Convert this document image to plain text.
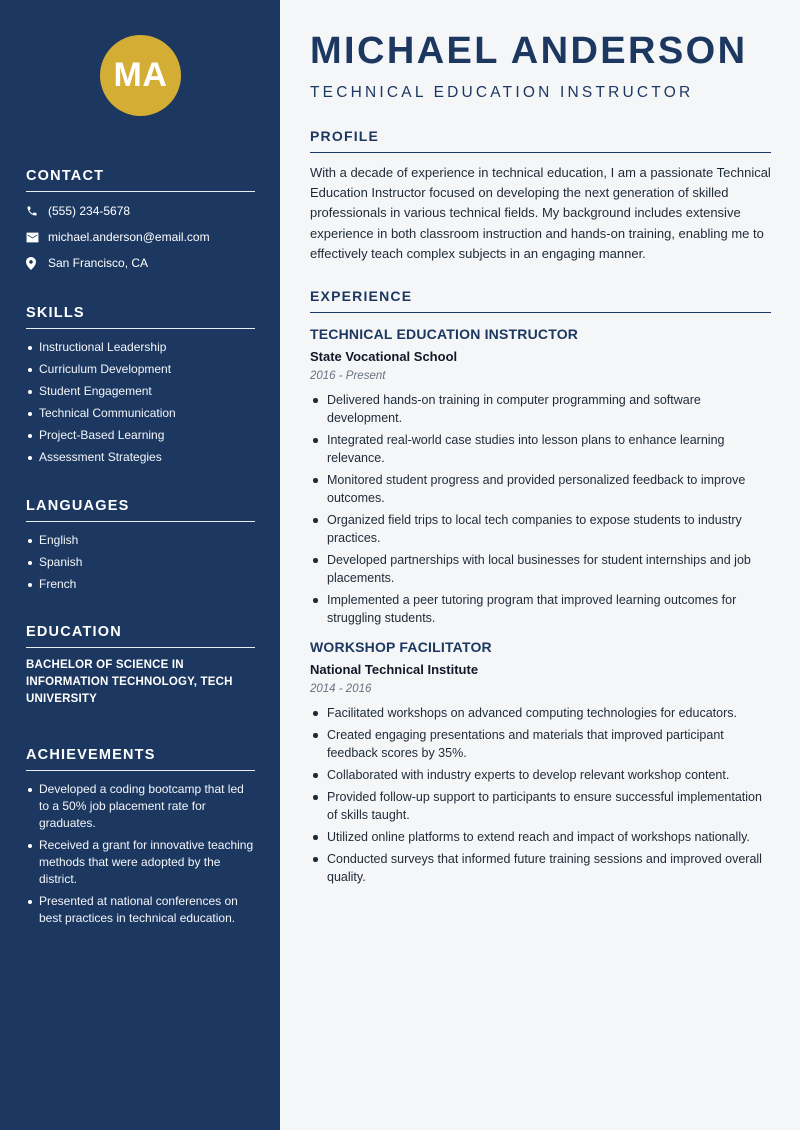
MA
CONTACT
(555) 234-5678
michael.anderson@email.com
San Francisco, CA
SKILLS
Instructional Leadership
Curriculum Development
Student Engagement
Technical Communication
Project-Based Learning
Assessment Strategies
LANGUAGES
English
Spanish
French
EDUCATION
BACHELOR OF SCIENCE IN INFORMATION TECHNOLOGY, TECH UNIVERSITY
ACHIEVEMENTS
Developed a coding bootcamp that led to a 50% job placement rate for graduates.
Received a grant for innovative teaching methods that were adopted by the district.
Presented at national conferences on best practices in technical education.
MICHAEL ANDERSON
TECHNICAL EDUCATION INSTRUCTOR
PROFILE

With a decade of experience in technical education, I am a passionate Technical Education Instructor focused on developing the next generation of skilled professionals in various technical fields. My background includes extensive experience in both classroom instruction and hands-on training, enabling me to effectively teach complex subjects in an engaging manner.

EXPERIENCE
TECHNICAL EDUCATION INSTRUCTOR
State Vocational School
2016 - Present
Delivered hands-on training in computer programming and software development.
Integrated real-world case studies into lesson plans to enhance learning relevance.
Monitored student progress and provided personalized feedback to improve outcomes.
Organized field trips to local tech companies to expose students to industry practices.
Developed partnerships with local businesses for student internships and job placements.
Implemented a peer tutoring program that improved learning outcomes for struggling students.
WORKSHOP FACILITATOR
National Technical Institute
2014 - 2016
Facilitated workshops on advanced computing technologies for educators.
Created engaging presentations and materials that improved participant feedback scores by 35%.
Collaborated with industry experts to develop relevant workshop content.
Provided follow-up support to participants to ensure successful implementation of skills taught.
Utilized online platforms to extend reach and impact of workshops nationally.
Conducted surveys that informed future training sessions and improved overall quality.
